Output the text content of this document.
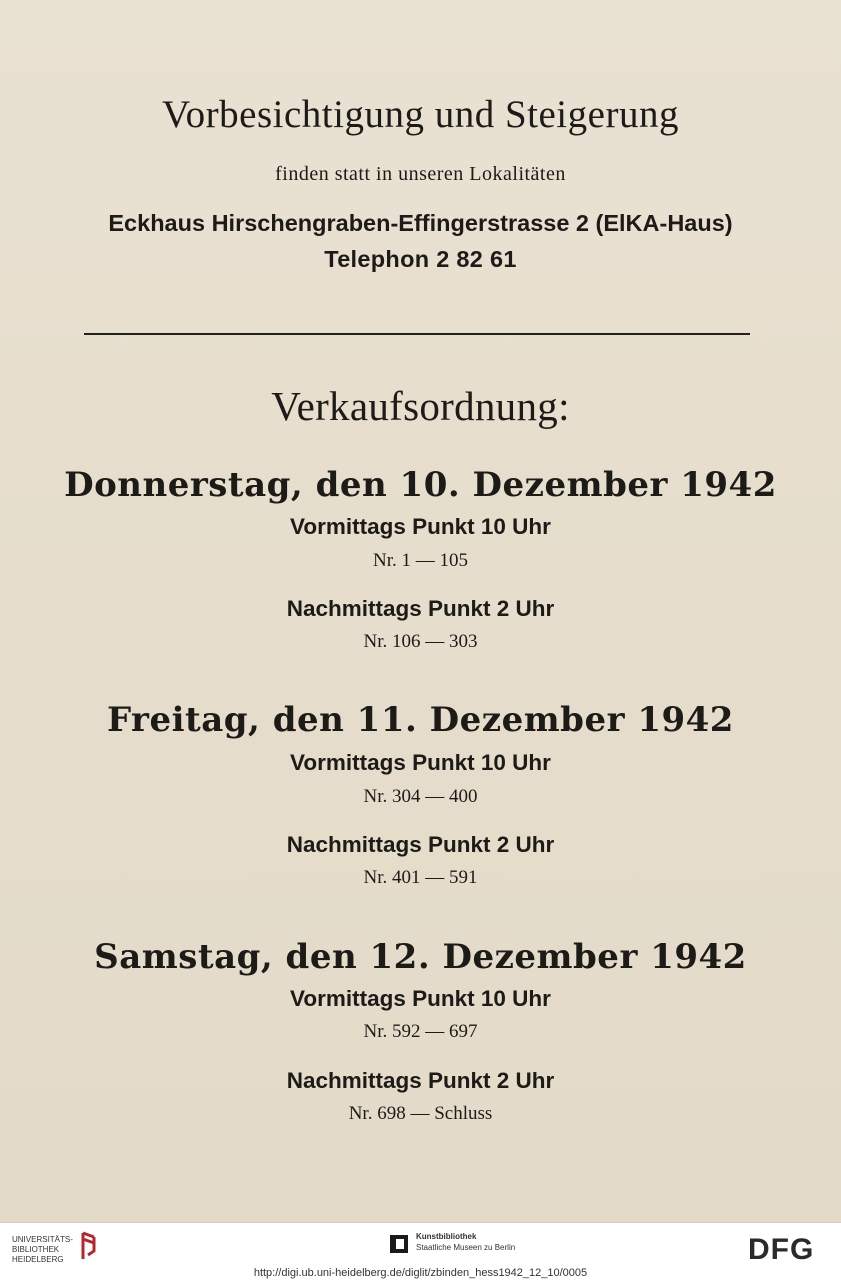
Vorbesichtigung und Steigerung
finden statt in unseren Lokalitäten
Eckhaus Hirschengraben-Effingerstrasse 2 (ElKA-Haus)
Telephon 2 82 61
Verkaufsordnung:
Donnerstag, den 10. Dezember 1942
Vormittags Punkt 10 Uhr
Nr. 1 — 105
Nachmittags Punkt 2 Uhr
Nr. 106 — 303
Freitag, den 11. Dezember 1942
Vormittags Punkt 10 Uhr
Nr. 304 — 400
Nachmittags Punkt 2 Uhr
Nr. 401 — 591
Samstag, den 12. Dezember 1942
Vormittags Punkt 10 Uhr
Nr. 592 — 697
Nachmittags Punkt 2 Uhr
Nr. 698 — Schluss
UNIVERSITÄTS-
BIBLIOTHEK
HEIDELBERG
Kunstbibliothek
Staatliche Museen zu Berlin	DFG
http://digi.ub.uni-heidelberg.de/diglit/zbinden_hess1942_12_10/0005
